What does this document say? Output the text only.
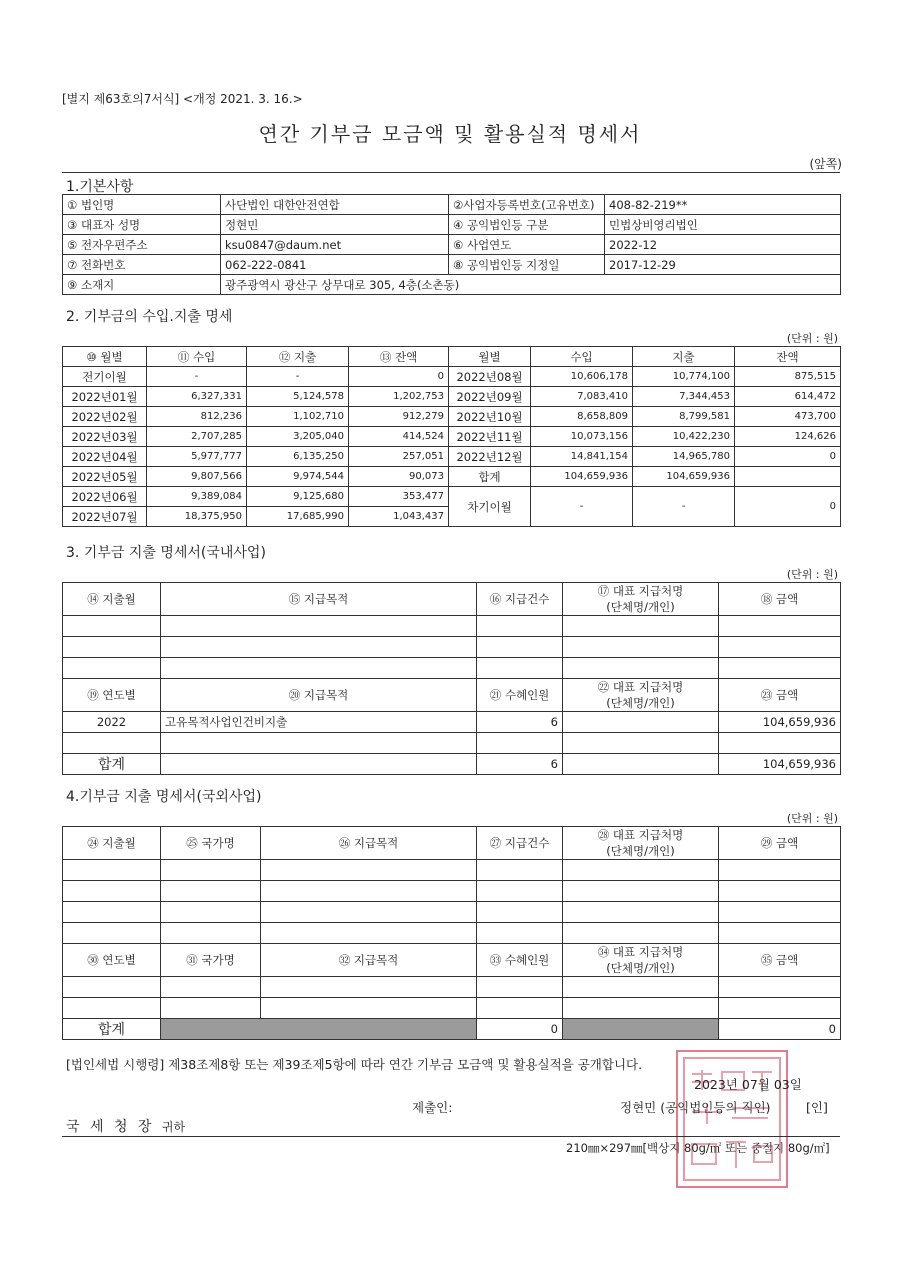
[별지 제63호의7서식] <개정 2021. 3. 16.>
연간 기부금 모금액 및 활용실적 명세서
(앞쪽)
1.기본사항
① 법인명	사단법인 대한안전연합	②사업자등록번호(고유번호)	408-82-219**
③ 대표자 성명	정현민	④ 공익법인등 구분	민법상비영리법인
⑤ 전자우편주소	ksu0847@daum.net	⑥ 사업연도	2022-12
⑦ 전화번호	062-222-0841	⑧ 공익법인등 지정일	2017-12-29
⑨ 소재지	광주광역시 광산구 상무대로 305, 4층(소촌동)		
2. 기부금의 수입.지출 명세
(단위 : 원)
⑩ 월별	⑪ 수입	⑫ 지출	⑬ 잔액	월별	수입	지출	잔액
전기이월	-	-	0	2022년08월	10,606,178	10,774,100	875,515
2022년01월	6,327,331	5,124,578	1,202,753	2022년09월	7,083,410	7,344,453	614,472
2022년02월	812,236	1,102,710	912,279	2022년10월	8,658,809	8,799,581	473,700
2022년03월	2,707,285	3,205,040	414,524	2022년11월	10,073,156	10,422,230	124,626
2022년04월	5,977,777	6,135,250	257,051	2022년12월	14,841,154	14,965,780	0
2022년05월	9,807,566	9,974,544	90,073	합계	104,659,936	104,659,936	
2022년06월	9,389,084	9,125,680	353,477	차기이월	-	-	0
2022년07월	18,375,950	17,685,990	1,043,437				
3. 기부금 지출 명세서(국내사업)
(단위 : 원)
⑭ 지출월	⑮ 지급목적	⑯ 지급건수	⑰ 대표 지급처명
(단체명/개인)	⑱ 금액

⑲ 연도별	⑳ 지급목적	㉑ 수혜인원	㉒ 대표 지급처명
(단체명/개인)	㉓ 금액
2022	고유목적사업인건비지출	6		104,659,936

합계		6		104,659,936
4.기부금 지출 명세서(국외사업)
(단위 : 원)
㉔ 지출월	㉕ 국가명	㉖ 지급목적	㉗ 지급건수	㉘ 대표 지급처명
(단체명/개인)	㉙ 금액

㉚ 연도별	㉛ 국가명	㉜ 지급목적	㉝ 수혜인원	㉞ 대표 지급처명
(단체명/개인)	㉟ 금액

합계			0		0
[법인세법 시행령] 제38조제8항 또는 제39조제5항에 따라 연간 기부금 모금액 및 활용실적을 공개합니다.
2023년 07월 03일
제출인:	정현민 (공익법인등의 직인)	[인]
국 세 청 장 귀하
210㎜×297㎜[백상지 80g/㎡ 또는 중질지 80g/㎡]
